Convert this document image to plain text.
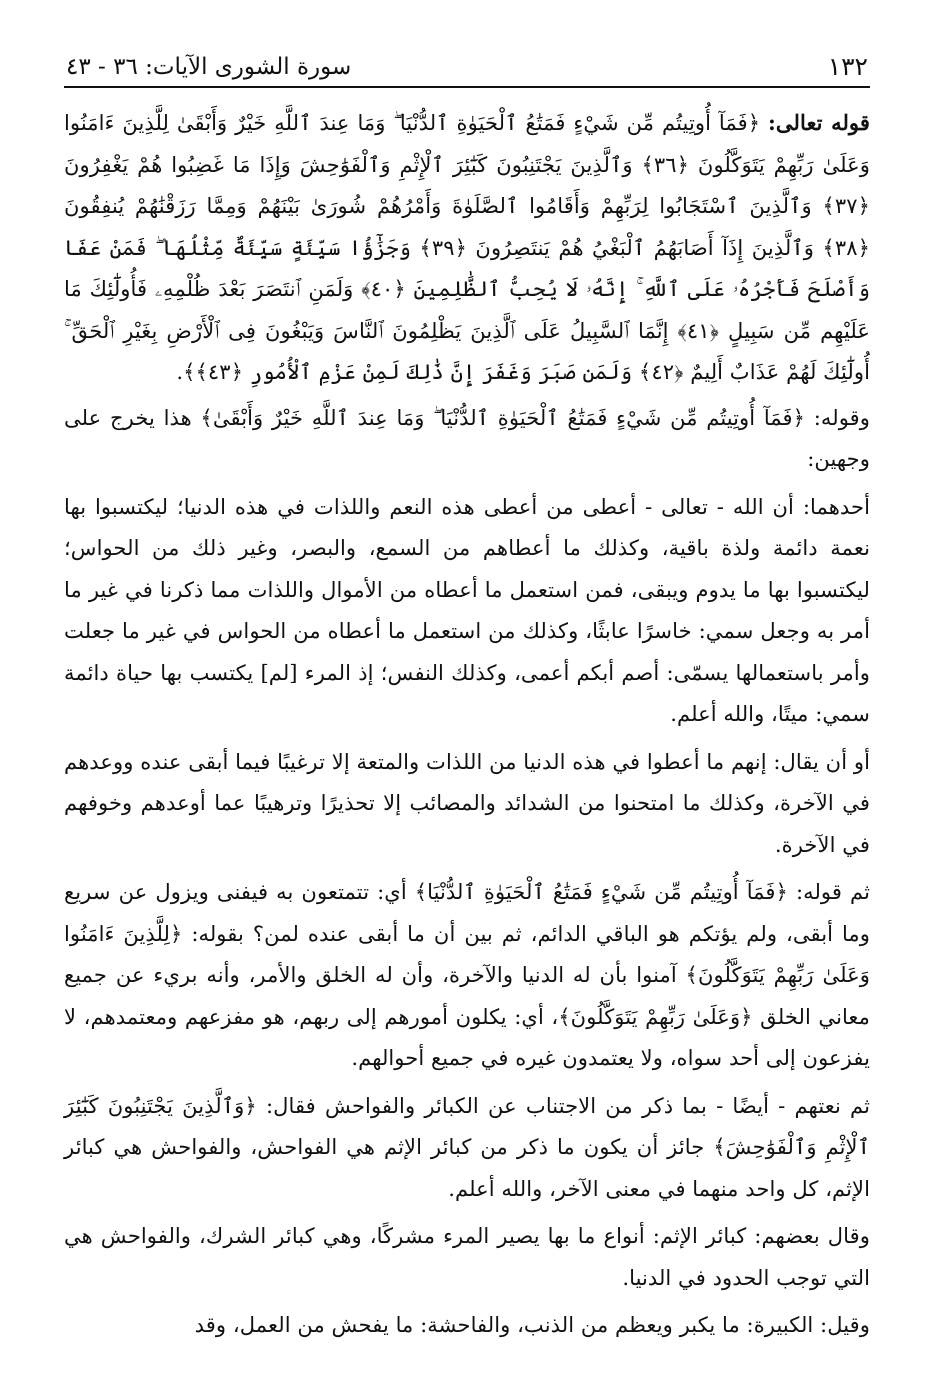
١٣٢
سورة الشورى الآيات: ٣٦ - ٤٣

قوله تعالى: ﴿فَمَآ أُوتِيتُم مِّن شَيْءٍ فَمَتَٰعُ ٱلْحَيَوٰةِ ٱلدُّنْيَا ۖ وَمَا عِندَ ٱللَّهِ خَيْرٌ وَأَبْقَىٰ لِلَّذِينَ ءَامَنُوا وَعَلَىٰ رَبِّهِمْ يَتَوَكَّلُونَ ﴿٣٦﴾ وَٱلَّذِينَ يَجْتَنِبُونَ كَبَٰٓئِرَ ٱلْإِثْمِ وَٱلْفَوَٰحِشَ وَإِذَا مَا غَضِبُوا هُمْ يَغْفِرُونَ ﴿٣٧﴾ وَٱلَّذِينَ ٱسْتَجَابُوا لِرَبِّهِمْ وَأَقَامُوا ٱلصَّلَوٰةَ وَأَمْرُهُمْ شُورَىٰ بَيْنَهُمْ وَمِمَّا رَزَقْنَٰهُمْ يُنفِقُونَ ﴿٣٨﴾ وَٱلَّذِينَ إِذَآ أَصَابَهُمُ ٱلْبَغْيُ هُمْ يَنتَصِرُونَ ﴿٣٩﴾ وَجَزَٰٓؤُا سَيِّئَةٍ سَيِّئَةٌ مِّثْلُهَا ۖ فَمَنْ عَفَا وَأَصْلَحَ فَأَجْرُهُۥ عَلَى ٱللَّهِ ۚ إِنَّهُۥ لَا يُحِبُّ ٱلظَّٰلِمِينَ ﴿٤٠﴾ وَلَمَنِ ٱنتَصَرَ بَعْدَ ظُلْمِهِۦ فَأُولَٰٓئِكَ مَا عَلَيْهِم مِّن سَبِيلٍ ﴿٤١﴾ إِنَّمَا ٱلسَّبِيلُ عَلَى ٱلَّذِينَ يَظْلِمُونَ ٱلنَّاسَ وَيَبْغُونَ فِى ٱلْأَرْضِ بِغَيْرِ ٱلْحَقِّ ۚ أُولَٰٓئِكَ لَهُمْ عَذَابٌ أَلِيمٌ ﴿٤٢﴾ وَلَمَن صَبَرَ وَغَفَرَ إِنَّ ذَٰلِكَ لَمِنْ عَزْمِ ٱلْأُمُورِ ﴿٤٣﴾﴾.

وقوله: ﴿فَمَآ أُوتِيتُم مِّن شَيْءٍ فَمَتَٰعُ ٱلْحَيَوٰةِ ٱلدُّنْيَا ۖ وَمَا عِندَ ٱللَّهِ خَيْرٌ وَأَبْقَىٰ﴾ هذا يخرج على وجهين:

أحدهما: أن الله - تعالى - أعطى من أعطى هذه النعم واللذات في هذه الدنيا؛ ليكتسبوا بها نعمة دائمة ولذة باقية، وكذلك ما أعطاهم من السمع، والبصر، وغير ذلك من الحواس؛ ليكتسبوا بها ما يدوم ويبقى، فمن استعمل ما أعطاه من الأموال واللذات مما ذكرنا في غير ما أمر به وجعل سمي: خاسرًا عابثًا، وكذلك من استعمل ما أعطاه من الحواس في غير ما جعلت وأمر باستعمالها يسمّى: أصم أبكم أعمى، وكذلك النفس؛ إذ المرء [لم] يكتسب بها حياة دائمة سمي: ميتًا، والله أعلم.

أو أن يقال: إنهم ما أعطوا في هذه الدنيا من اللذات والمتعة إلا ترغيبًا فيما أبقى عنده ووعدهم في الآخرة، وكذلك ما امتحنوا من الشدائد والمصائب إلا تحذيرًا وترهيبًا عما أوعدهم وخوفهم في الآخرة.

ثم قوله: ﴿فَمَآ أُوتِيتُم مِّن شَيْءٍ فَمَتَٰعُ ٱلْحَيَوٰةِ ٱلدُّنْيَا﴾ أي: تتمتعون به فيفنى ويزول عن سريع وما أبقى، ولم يؤتكم هو الباقي الدائم، ثم بين أن ما أبقى عنده لمن؟ بقوله: ﴿لِلَّذِينَ ءَامَنُوا وَعَلَىٰ رَبِّهِمْ يَتَوَكَّلُونَ﴾ آمنوا بأن له الدنيا والآخرة، وأن له الخلق والأمر، وأنه بريء عن جميع معاني الخلق ﴿وَعَلَىٰ رَبِّهِمْ يَتَوَكَّلُونَ﴾، أي: يكلون أمورهم إلى ربهم، هو مفزعهم ومعتمدهم، لا يفزعون إلى أحد سواه، ولا يعتمدون غيره في جميع أحوالهم.

ثم نعتهم - أيضًا - بما ذكر من الاجتناب عن الكبائر والفواحش فقال: ﴿وَٱلَّذِينَ يَجْتَنِبُونَ كَبَٰٓئِرَ ٱلْإِثْمِ وَٱلْفَوَٰحِشَ﴾ جائز أن يكون ما ذكر من كبائر الإثم هي الفواحش، والفواحش هي كبائر الإثم، كل واحد منهما في معنى الآخر، والله أعلم.

وقال بعضهم: كبائر الإثم: أنواع ما بها يصير المرء مشركًا، وهي كبائر الشرك، والفواحش هي التي توجب الحدود في الدنيا.

وقيل: الكبيرة: ما يكبر ويعظم من الذنب، والفاحشة: ما يفحش من العمل، وقد
